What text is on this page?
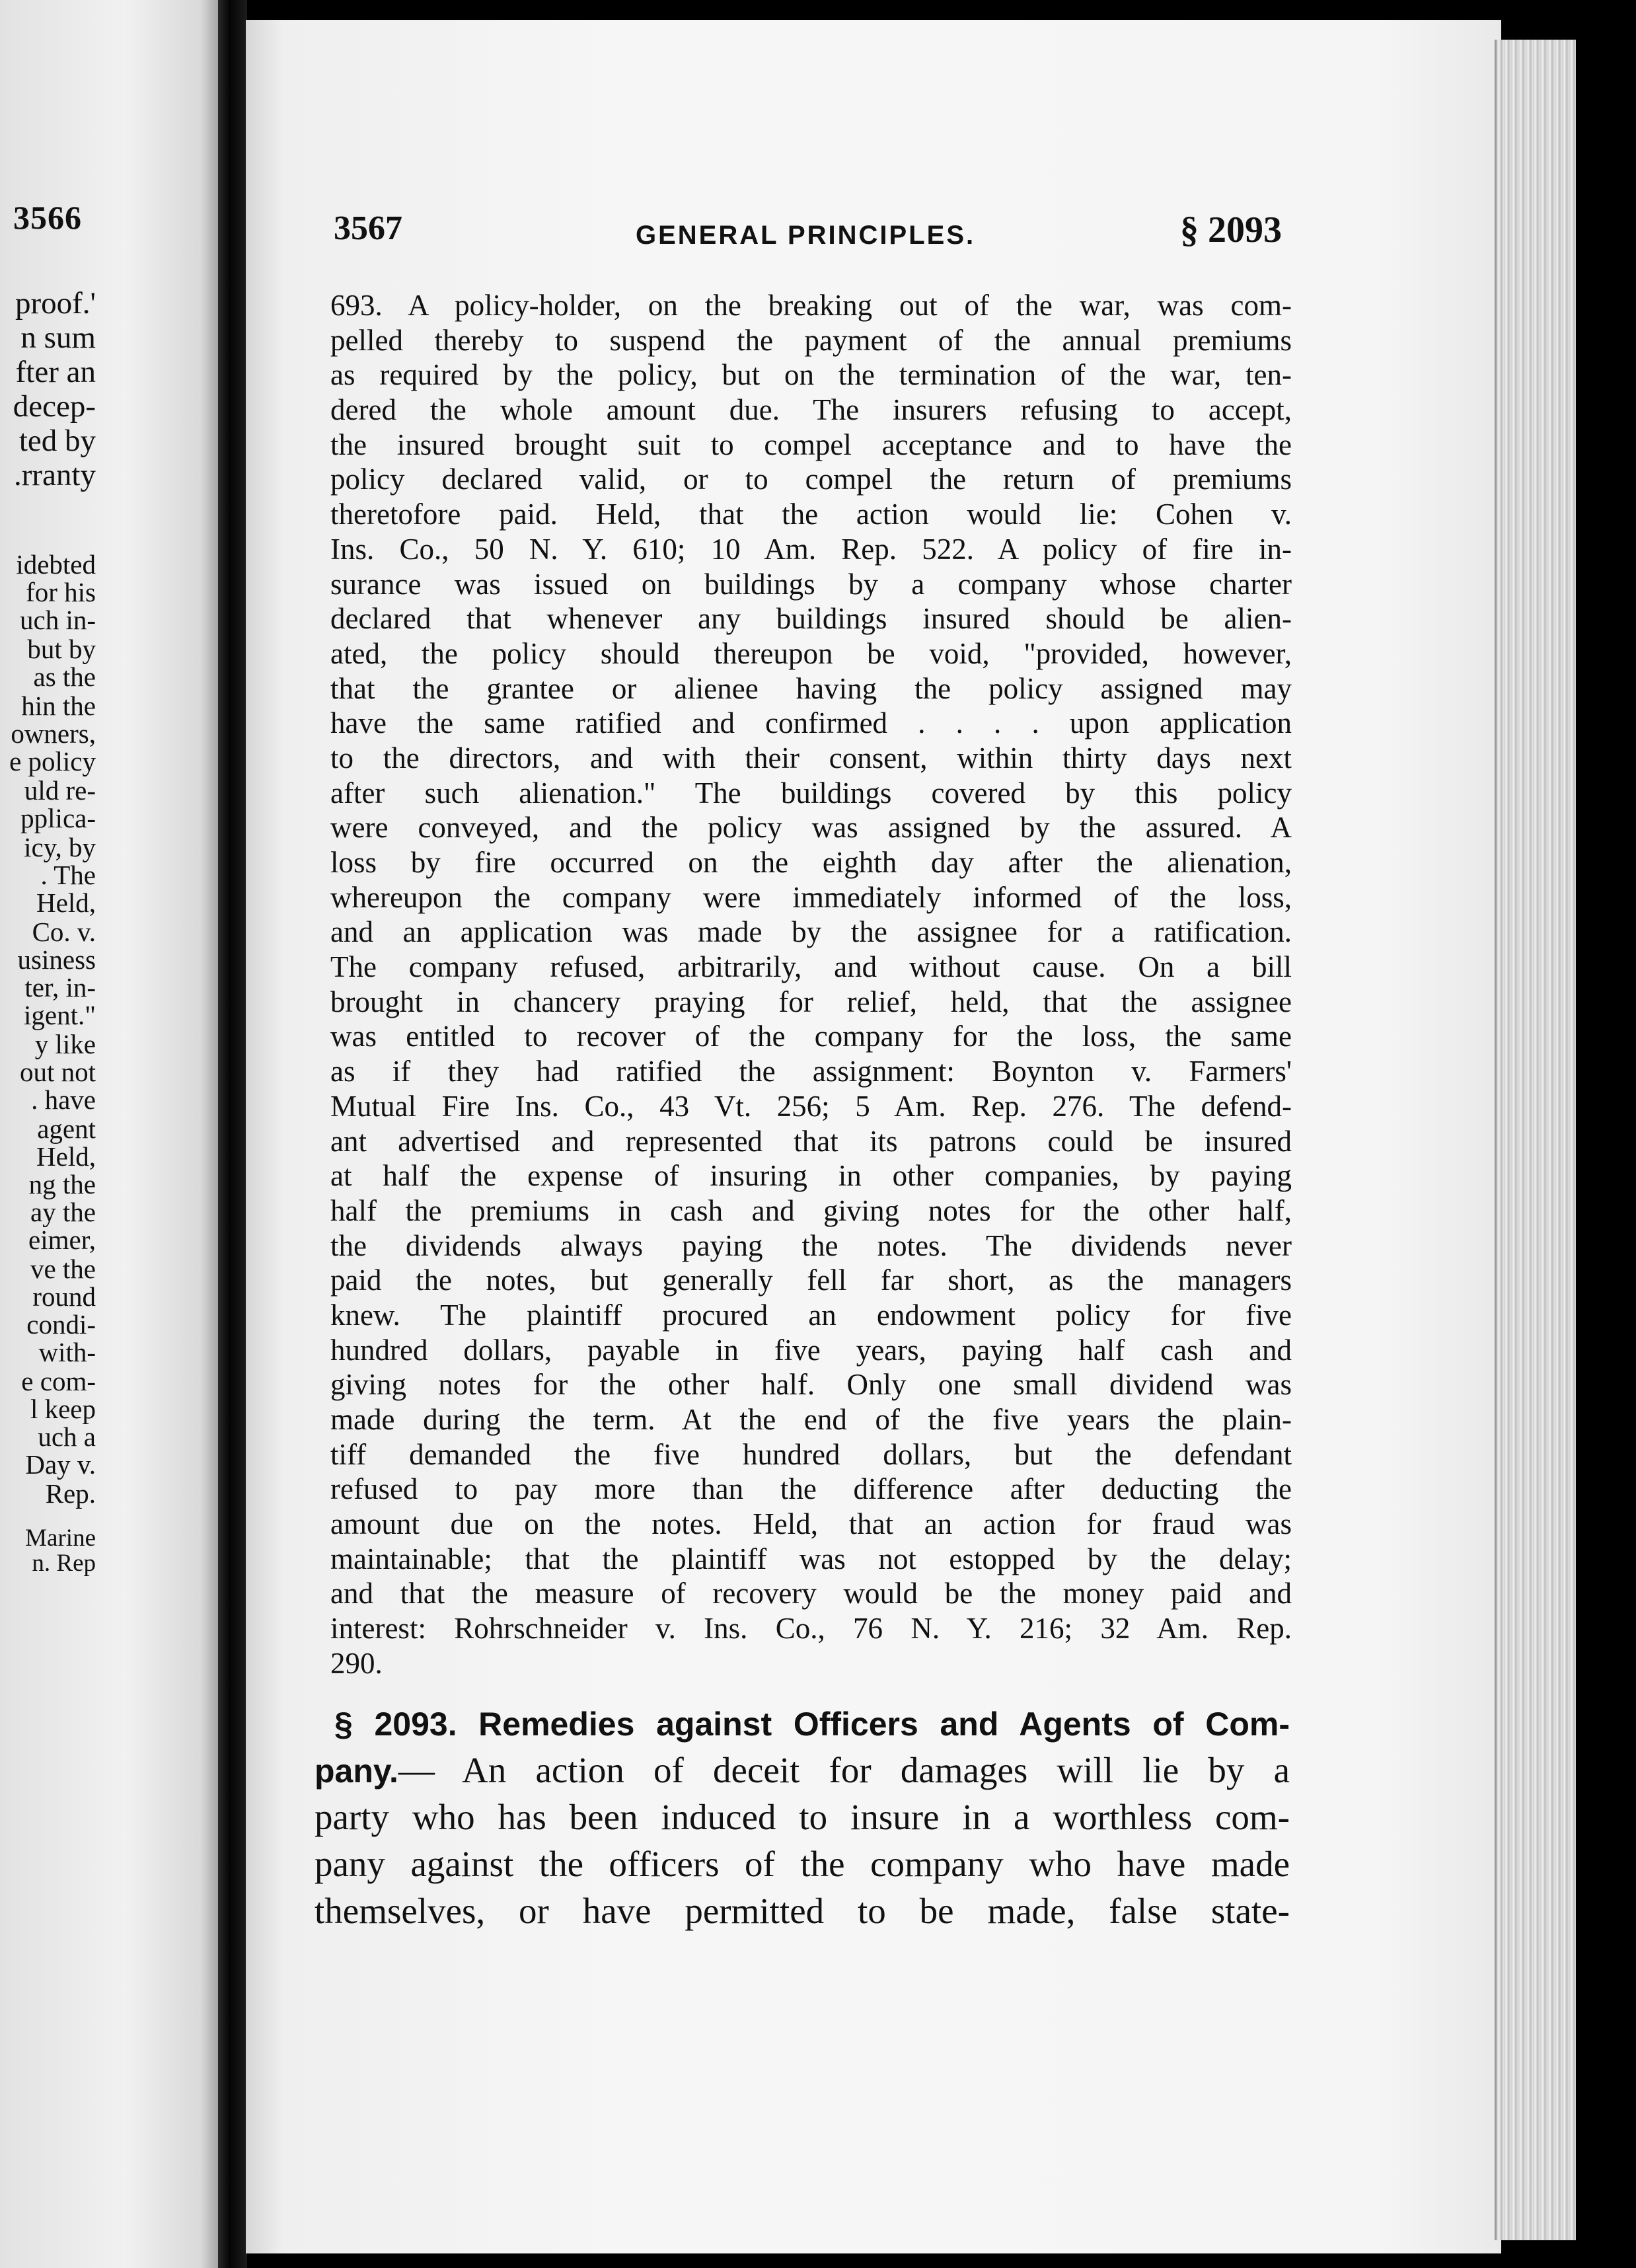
3566
proof.'
n sum
fter an
decep-
ted by
.rranty
idebted
for his
uch in-
but by
as the
hin the
owners,
e policy
uld re-
pplica-
icy, by
. The
Held,
Co. v.
usiness
ter, in-
igent."
y like
out not
. have
agent
Held,
ng the
ay the
eimer,
ve the
round
condi-
with-
e com-
l keep
uch a
Day v.
Rep.
Marine
n. Rep
3567	GENERAL PRINCIPLES.	§ 2093
693. A policy-holder, on the breaking out of the war, was com-
pelled thereby to suspend the payment of the annual premiums
as required by the policy, but on the termination of the war, ten-
dered the whole amount due. The insurers refusing to accept,
the insured brought suit to compel acceptance and to have the
policy declared valid, or to compel the return of premiums
theretofore paid. Held, that the action would lie: Cohen v.
Ins. Co., 50 N. Y. 610; 10 Am. Rep. 522. A policy of fire in-
surance was issued on buildings by a company whose charter
declared that whenever any buildings insured should be alien-
ated, the policy should thereupon be void, "provided, however,
that the grantee or alienee having the policy assigned may
have the same ratified and confirmed . . . . upon application
to the directors, and with their consent, within thirty days next
after such alienation." The buildings covered by this policy
were conveyed, and the policy was assigned by the assured. A
loss by fire occurred on the eighth day after the alienation,
whereupon the company were immediately informed of the loss,
and an application was made by the assignee for a ratification.
The company refused, arbitrarily, and without cause. On a bill
brought in chancery praying for relief, held, that the assignee
was entitled to recover of the company for the loss, the same
as if they had ratified the assignment: Boynton v. Farmers'
Mutual Fire Ins. Co., 43 Vt. 256; 5 Am. Rep. 276. The defend-
ant advertised and represented that its patrons could be insured
at half the expense of insuring in other companies, by paying
half the premiums in cash and giving notes for the other half,
the dividends always paying the notes. The dividends never
paid the notes, but generally fell far short, as the managers
knew. The plaintiff procured an endowment policy for five
hundred dollars, payable in five years, paying half cash and
giving notes for the other half. Only one small dividend was
made during the term. At the end of the five years the plain-
tiff demanded the five hundred dollars, but the defendant
refused to pay more than the difference after deducting the
amount due on the notes. Held, that an action for fraud was
maintainable; that the plaintiff was not estopped by the delay;
and that the measure of recovery would be the money paid and
interest: Rohrschneider v. Ins. Co., 76 N. Y. 216; 32 Am. Rep.
290.
§ 2093. Remedies against Officers and Agents of Com-
pany.— An action of deceit for damages will lie by a
party who has been induced to insure in a worthless com-
pany against the officers of the company who have made
themselves, or have permitted to be made, false state-
